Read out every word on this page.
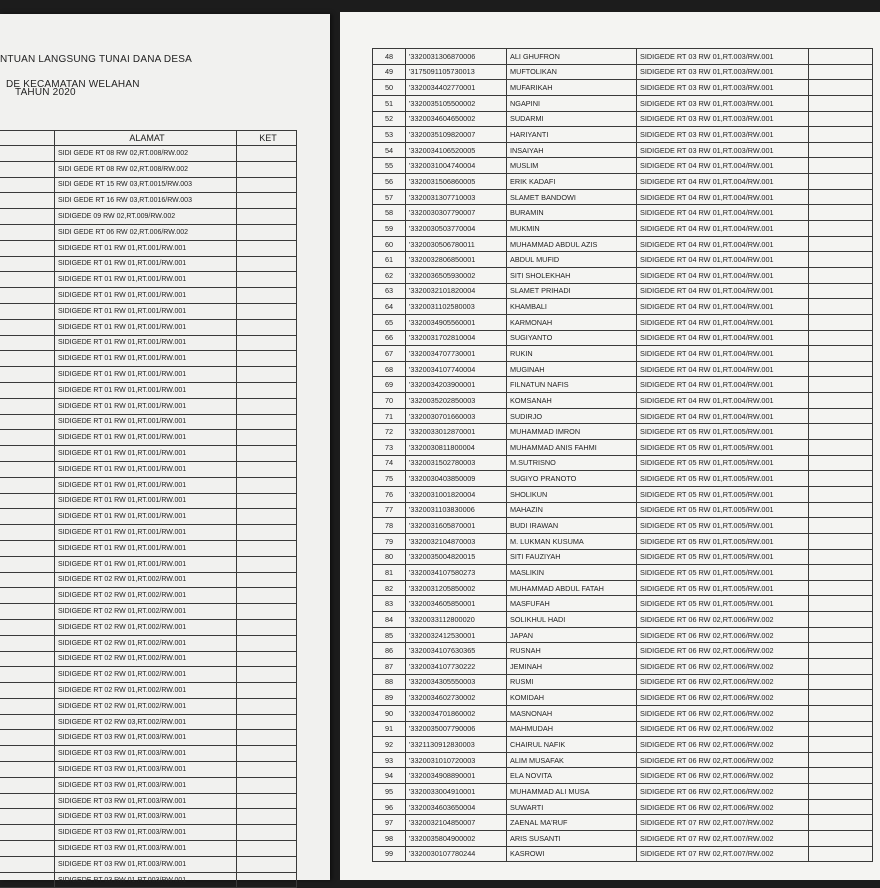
NTUAN LANGSUNG TUNAI DANA DESA
DE KECAMATAN WELAHAN
TAHUN 2020
	ALAMAT	KET
	SIDI GEDE RT 08 RW 02,RT.008/RW.002	
	SIDI GEDE RT 08 RW 02,RT.008/RW.002	
	SIDI GEDE RT 15 RW 03,RT.0015/RW.003	
	SIDI GEDE RT 16 RW 03,RT.0016/RW.003	
	SIDIGEDE 09 RW 02,RT.009/RW.002	
	SIDI GEDE RT 06 RW 02,RT.006/RW.002	
	SIDIGEDE RT 01 RW 01,RT.001/RW.001	
	SIDIGEDE RT 01 RW 01,RT.001/RW.001	
	SIDIGEDE RT 01 RW 01,RT.001/RW.001	
	SIDIGEDE RT 01 RW 01,RT.001/RW.001	
	SIDIGEDE RT 01 RW 01,RT.001/RW.001	
	SIDIGEDE RT 01 RW 01,RT.001/RW.001	
	SIDIGEDE RT 01 RW 01,RT.001/RW.001	
	SIDIGEDE RT 01 RW 01,RT.001/RW.001	
	SIDIGEDE RT 01 RW 01,RT.001/RW.001	
	SIDIGEDE RT 01 RW 01,RT.001/RW.001	
	SIDIGEDE RT 01 RW 01,RT.001/RW.001	
	SIDIGEDE RT 01 RW 01,RT.001/RW.001	
	SIDIGEDE RT 01 RW 01,RT.001/RW.001	
	SIDIGEDE RT 01 RW 01,RT.001/RW.001	
	SIDIGEDE RT 01 RW 01,RT.001/RW.001	
	SIDIGEDE RT 01 RW 01,RT.001/RW.001	
	SIDIGEDE RT 01 RW 01,RT.001/RW.001	
	SIDIGEDE RT 01 RW 01,RT.001/RW.001	
	SIDIGEDE RT 01 RW 01,RT.001/RW.001	
	SIDIGEDE RT 01 RW 01,RT.001/RW.001	
	SIDIGEDE RT 01 RW 01,RT.001/RW.001	
	SIDIGEDE RT 02 RW 01,RT.002/RW.001	
	SIDIGEDE RT 02 RW 01,RT.002/RW.001	
	SIDIGEDE RT 02 RW 01,RT.002/RW.001	
	SIDIGEDE RT 02 RW 01,RT.002/RW.001	
	SIDIGEDE RT 02 RW 01,RT.002/RW.001	
	SIDIGEDE RT 02 RW 01,RT.002/RW.001	
	SIDIGEDE RT 02 RW 01,RT.002/RW.001	
	SIDIGEDE RT 02 RW 01,RT.002/RW.001	
	SIDIGEDE RT 02 RW 01,RT.002/RW.001	
	SIDIGEDE RT 02 RW 03,RT.002/RW.001	
	SIDIGEDE RT 03 RW 01,RT.003/RW.001	
	SIDIGEDE RT 03 RW 01,RT.003/RW.001	
	SIDIGEDE RT 03 RW 01,RT.003/RW.001	
	SIDIGEDE RT 03 RW 01,RT.003/RW.001	
	SIDIGEDE RT 03 RW 01,RT.003/RW.001	
	SIDIGEDE RT 03 RW 01,RT.003/RW.001	
	SIDIGEDE RT 03 RW 01,RT.003/RW.001	
	SIDIGEDE RT 03 RW 01,RT.003/RW.001	
	SIDIGEDE RT 03 RW 01,RT.003/RW.001	
	SIDIGEDE RT 03 RW 01,RT.003/RW.001	
48	'3320031306870006	ALI GHUFRON	SIDIGEDE RT 03 RW 01,RT.003/RW.001	
49	'3175091105730013	MUFTOLIKAN	SIDIGEDE RT 03 RW 01,RT.003/RW.001	
50	'3320034402770001	MUFARIKAH	SIDIGEDE RT 03 RW 01,RT.003/RW.001	
51	'3320035105500002	NGAPINI	SIDIGEDE RT 03 RW 01,RT.003/RW.001	
52	'3320034604650002	SUDARMI	SIDIGEDE RT 03 RW 01,RT.003/RW.001	
53	'3320035109820007	HARIYANTI	SIDIGEDE RT 03 RW 01,RT.003/RW.001	
54	'3320034106520005	INSAIYAH	SIDIGEDE RT 03 RW 01,RT.003/RW.001	
55	'3320031004740004	MUSLIM	SIDIGEDE RT 04 RW 01,RT.004/RW.001	
56	'3320031506860005	ERIK KADAFI	SIDIGEDE RT 04 RW 01,RT.004/RW.001	
57	'3320031307710003	SLAMET BANDOWI	SIDIGEDE RT 04 RW 01,RT.004/RW.001	
58	'3320030307790007	BURAMIN	SIDIGEDE RT 04 RW 01,RT.004/RW.001	
59	'3320030503770004	MUKMIN	SIDIGEDE RT 04 RW 01,RT.004/RW.001	
60	'3320030506780011	MUHAMMAD ABDUL AZIS	SIDIGEDE RT 04 RW 01,RT.004/RW.001	
61	'3320032806850001	ABDUL MUFID	SIDIGEDE RT 04 RW 01,RT.004/RW.001	
62	'3320036505930002	SITI SHOLEKHAH	SIDIGEDE RT 04 RW 01,RT.004/RW.001	
63	'3320032101820004	SLAMET PRIHADI	SIDIGEDE RT 04 RW 01,RT.004/RW.001	
64	'3320031102580003	KHAMBALI	SIDIGEDE RT 04 RW 01,RT.004/RW.001	
65	'3320034905560001	KARMONAH	SIDIGEDE RT 04 RW 01,RT.004/RW.001	
66	'3320031702810004	SUGIYANTO	SIDIGEDE RT 04 RW 01,RT.004/RW.001	
67	'3320034707730001	RUKIN	SIDIGEDE RT 04 RW 01,RT.004/RW.001	
68	'3320034107740004	MUGINAH	SIDIGEDE RT 04 RW 01,RT.004/RW.001	
69	'3320034203900001	FILNATUN NAFIS	SIDIGEDE RT 04 RW 01,RT.004/RW.001	
70	'3320035202850003	KOMSANAH	SIDIGEDE RT 04 RW 01,RT.004/RW.001	
71	'3320030701660003	SUDIRJO	SIDIGEDE RT 04 RW 01,RT.004/RW.001	
72	'3320033012870001	MUHAMMAD IMRON	SIDIGEDE RT 05 RW 01,RT.005/RW.001	
73	'3320030811800004	MUHAMMAD ANIS FAHMI	SIDIGEDE RT 05 RW 01,RT.005/RW.001	
74	'3320031502780003	M.SUTRISNO	SIDIGEDE RT 05 RW 01,RT.005/RW.001	
75	'3320030403850009	SUGIYO PRANOTO	SIDIGEDE RT 05 RW 01,RT.005/RW.001	
76	'3320031001820004	SHOLIKUN	SIDIGEDE RT 05 RW 01,RT.005/RW.001	
77	'3320031103830006	MAHAZIN	SIDIGEDE RT 05 RW 01,RT.005/RW.001	
78	'3320031605870001	BUDI IRAWAN	SIDIGEDE RT 05 RW 01,RT.005/RW.001	
79	'3320032104870003	M. LUKMAN KUSUMA	SIDIGEDE RT 05 RW 01,RT.005/RW.001	
80	'3320035004820015	SITI FAUZIYAH	SIDIGEDE RT 05 RW 01,RT.005/RW.001	
81	'3320034107580273	MASLIKIN	SIDIGEDE RT 05 RW 01,RT.005/RW.001	
82	'3320031205850002	MUHAMMAD ABDUL FATAH	SIDIGEDE RT 05 RW 01,RT.005/RW.001	
83	'3320034605850001	MASFUFAH	SIDIGEDE RT 05 RW 01,RT.005/RW.001	
84	'3320033112800020	SOLIKHUL HADI	SIDIGEDE RT 06 RW 02,RT.006/RW.002	
85	'3320032412530001	JAPAN	SIDIGEDE RT 06 RW 02,RT.006/RW.002	
86	'3320034107630365	RUSNAH	SIDIGEDE RT 06 RW 02,RT.006/RW.002	
87	'3320034107730222	JEMINAH	SIDIGEDE RT 06 RW 02,RT.006/RW.002	
88	'3320034305550003	RUSMI	SIDIGEDE RT 06 RW 02,RT.006/RW.002	
89	'3320034602730002	KOMIDAH	SIDIGEDE RT 06 RW 02,RT.006/RW.002	
90	'3320034701860002	MASNONAH	SIDIGEDE RT 06 RW 02,RT.006/RW.002	
91	'3320035007790006	MAHMUDAH	SIDIGEDE RT 06 RW 02,RT.006/RW.002	
92	'3321130912830003	CHAIRUL NAFIK	SIDIGEDE RT 06 RW 02,RT.006/RW.002	
93	'3320031010720003	ALIM MUSAFAK	SIDIGEDE RT 06 RW 02,RT.006/RW.002	
94	'3320034908890001	ELA NOVITA	SIDIGEDE RT 06 RW 02,RT.006/RW.002	
95	'3320033004910001	MUHAMMAD ALI MUSA	SIDIGEDE RT 06 RW 02,RT.006/RW.002	
96	'3320034603650004	SUWARTI	SIDIGEDE RT 06 RW 02,RT.006/RW.002	
97	'3320032104850007	ZAENAL MA'RUF	SIDIGEDE RT 07 RW 02,RT.007/RW.002	
98	'3320035804900002	ARIS SUSANTI	SIDIGEDE RT 07 RW 02,RT.007/RW.002	
99	'3320030107780244	KASROWI	SIDIGEDE RT 07 RW 02,RT.007/RW.002	
